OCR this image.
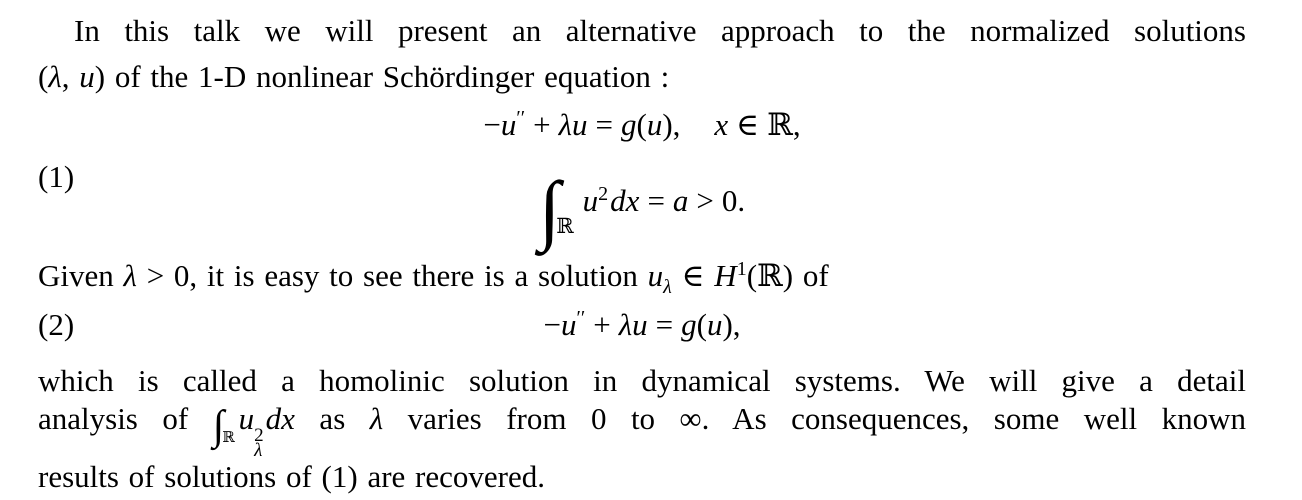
In this talk we will present an alternative approach to the normalized solutions
(λ, u) of the 1-D nonlinear Schördinger equation :
−u′′ + λu = g(u), x ∈ ℝ,
(1)	$\int_ℝu^2dx = a > 0$.
Given λ > 0, it is easy to see there is a solution $u_\lambda$ ∈ $H^1(ℝ)$ of
(2)	−u′′ + λu = g(u),
which is called a homolinic solution in dynamical systems. We will give a detail
analysis of $\int_ℝu$ 2
λ
dx as λ varies from 0 to ∞. As consequences, some well known
results of solutions of (1) are recovered.
